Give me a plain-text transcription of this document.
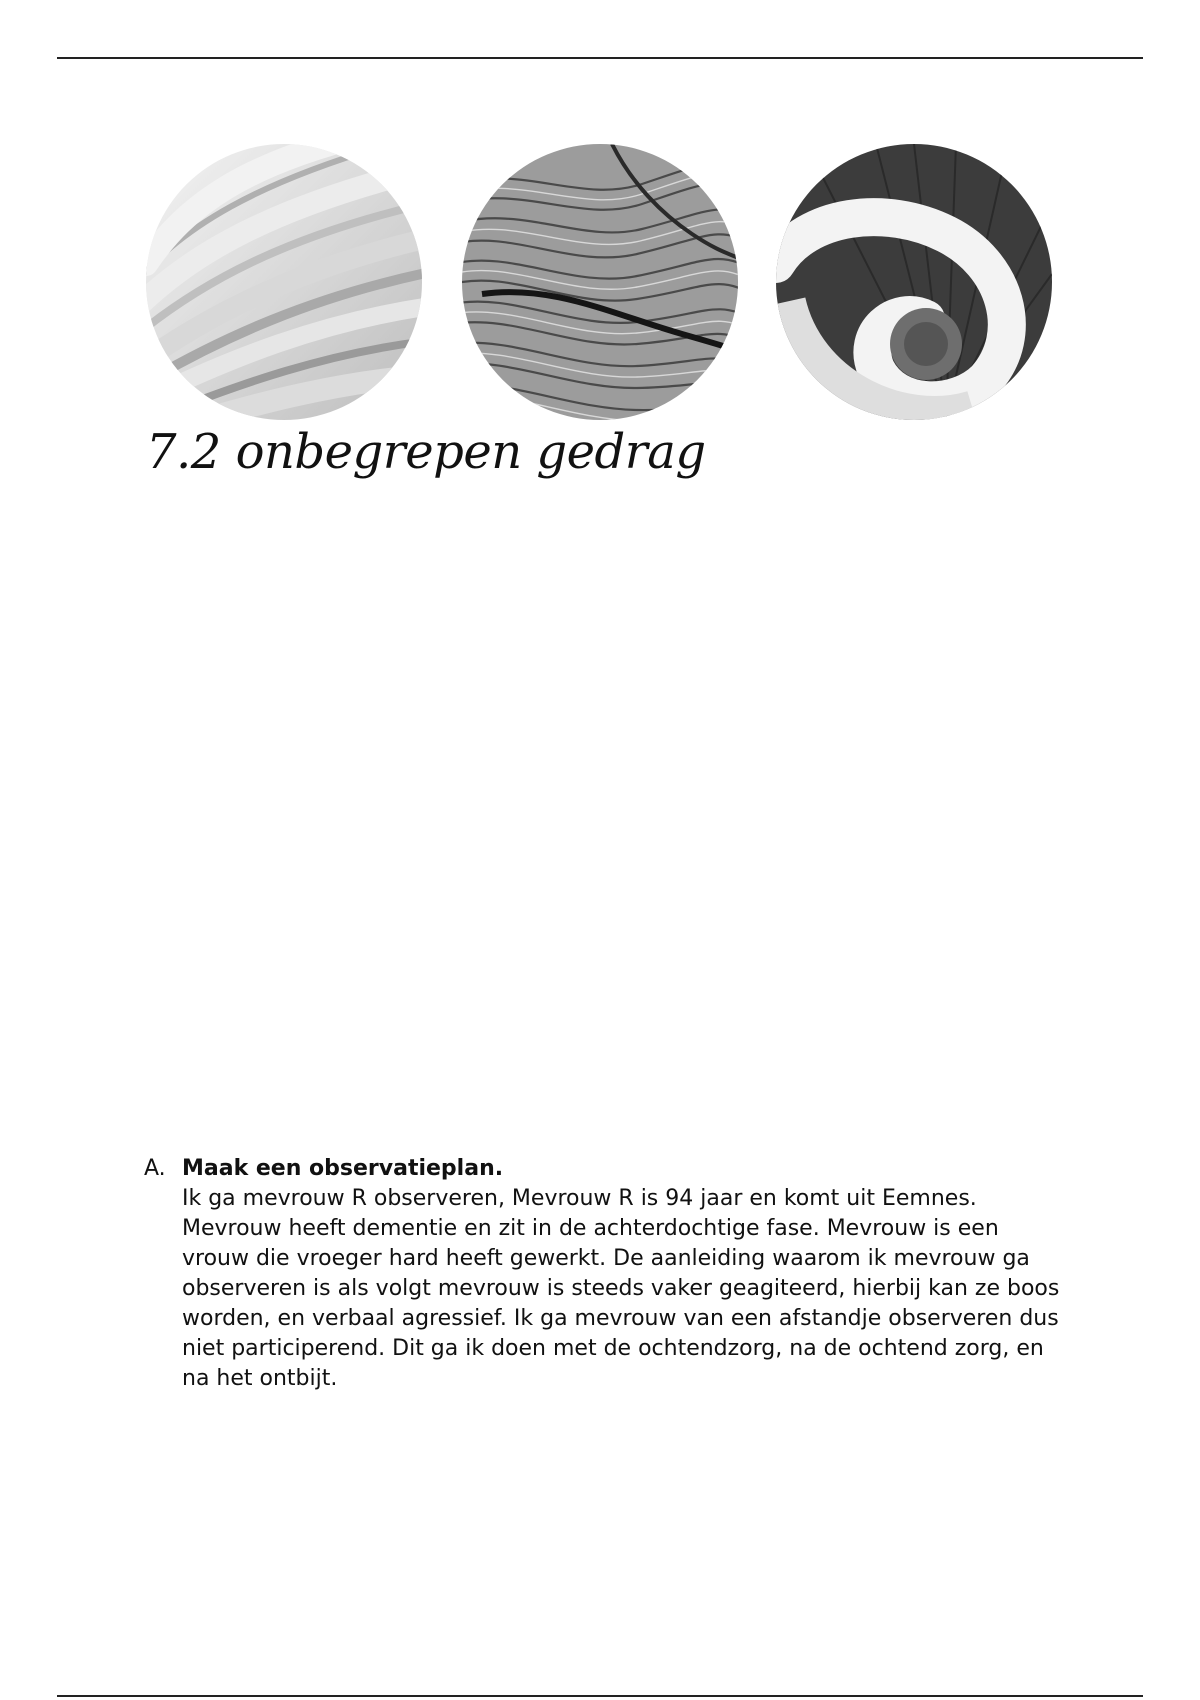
7.2 onbegrepen gedrag
A. Maak een observatieplan.
Ik ga mevrouw R observeren, Mevrouw R is 94 jaar en komt uit Eemnes. Mevrouw heeft dementie en zit in de achterdochtige fase. Mevrouw is een vrouw die vroeger hard heeft gewerkt. De aanleiding waarom ik mevrouw ga observeren is als volgt mevrouw is steeds vaker geagiteerd, hierbij kan ze boos worden, en verbaal agressief. Ik ga mevrouw van een afstandje observeren dus niet participerend. Dit ga ik doen met de ochtendzorg, na de ochtend zorg, en na het ontbijt.
